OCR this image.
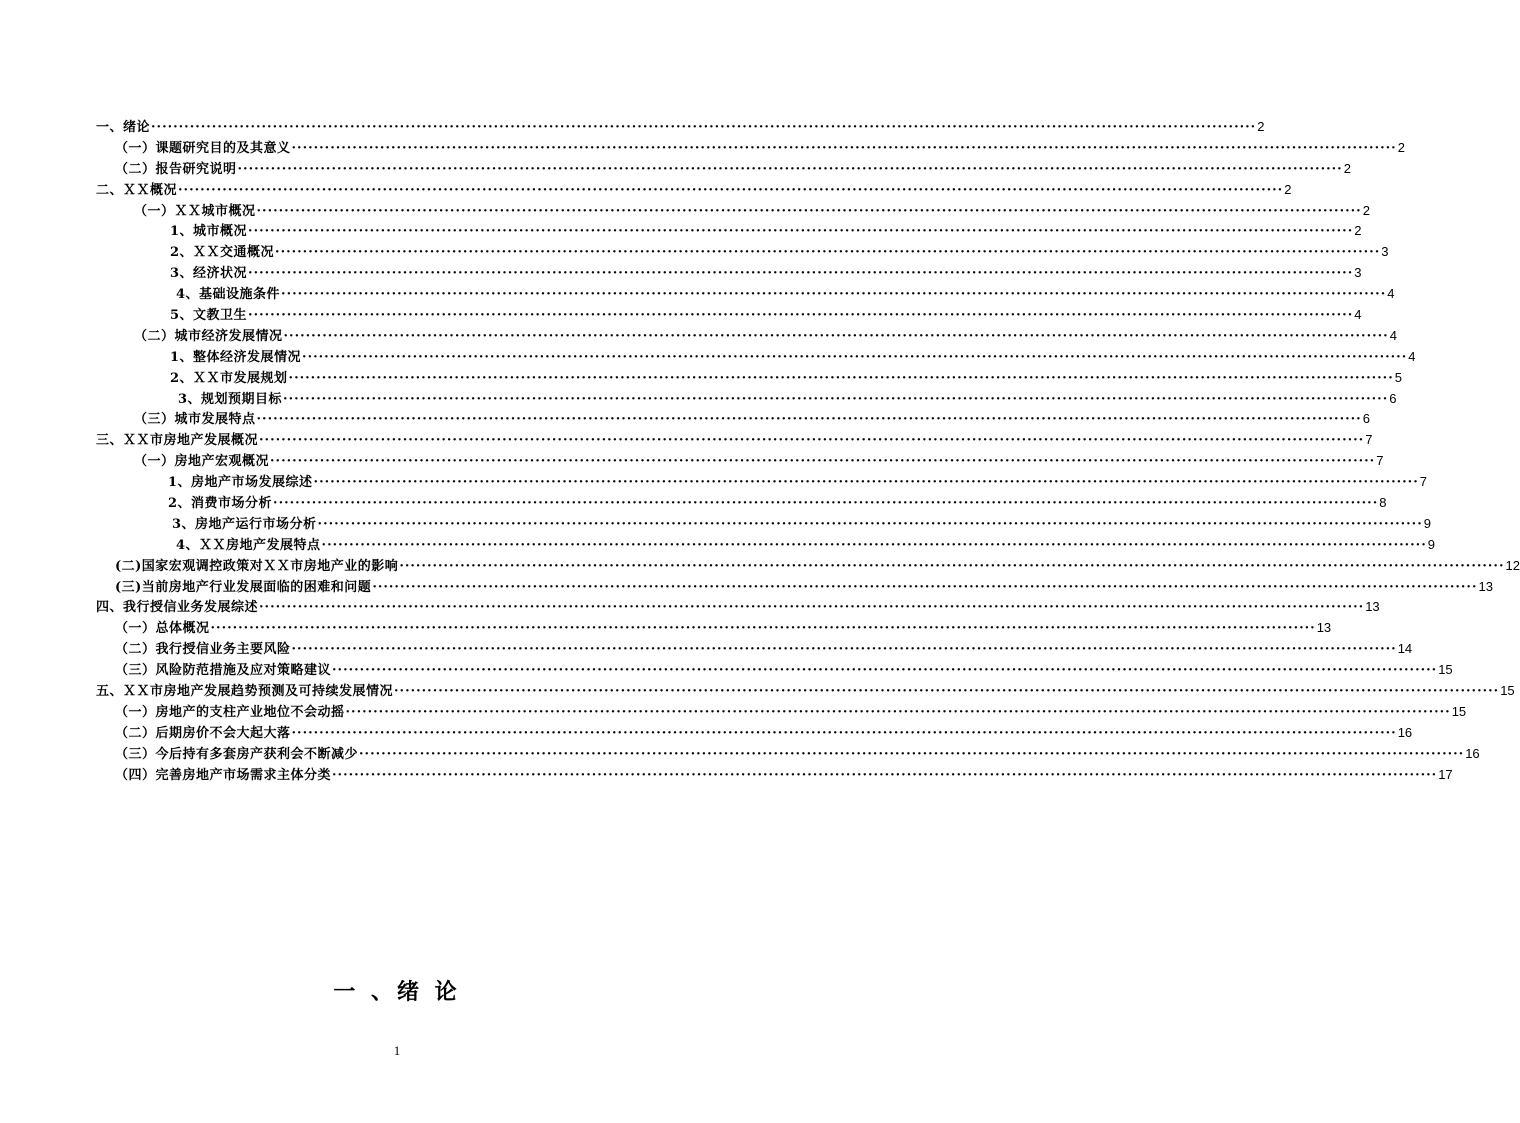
一、绪论 ········································································································································································································ 2
（一）课题研究目的及其意义 ········································································································································································································ 2
（二）报告研究说明 ········································································································································································································ 2
二、ＸＸ概况 ········································································································································································································ 2
（一）ＸＸ城市概况 ········································································································································································································ 2
1、城市概况 ········································································································································································································ 2
2、ＸＸ交通概况 ········································································································································································································ 3
3、经济状况 ········································································································································································································ 3
4、基础设施条件 ········································································································································································································ 4
5、文教卫生 ········································································································································································································ 4
（二）城市经济发展情况 ········································································································································································································ 4
1、整体经济发展情况 ········································································································································································································ 4
2、ＸＸ市发展规划 ········································································································································································································ 5
3、规划预期目标 ········································································································································································································ 6
（三）城市发展特点 ········································································································································································································ 6
三、ＸＸ市房地产发展概况 ········································································································································································································ 7
（一）房地产宏观概况 ········································································································································································································ 7
1、房地产市场发展综述 ········································································································································································································ 7
2、消费市场分析 ········································································································································································································ 8
3、房地产运行市场分析 ········································································································································································································ 9
4、ＸＸ房地产发展特点 ········································································································································································································ 9
(二)国家宏观调控政策对ＸＸ市房地产业的影响 ········································································································································································································ 12
(三)当前房地产行业发展面临的困难和问题 ········································································································································································································ 13
四、我行授信业务发展综述 ········································································································································································································ 13
（一）总体概况 ········································································································································································································ 13
（二）我行授信业务主要风险 ········································································································································································································ 14
（三）风险防范措施及应对策略建议 ········································································································································································································ 15
五、ＸＸ市房地产发展趋势预测及可持续发展情况 ········································································································································································································ 15
（一）房地产的支柱产业地位不会动摇 ········································································································································································································ 15
（二）后期房价不会大起大落 ········································································································································································································ 16
（三）今后持有多套房产获利会不断减少 ········································································································································································································ 16
（四）完善房地产市场需求主体分类 ········································································································································································································ 17
一 、绪 论
1
